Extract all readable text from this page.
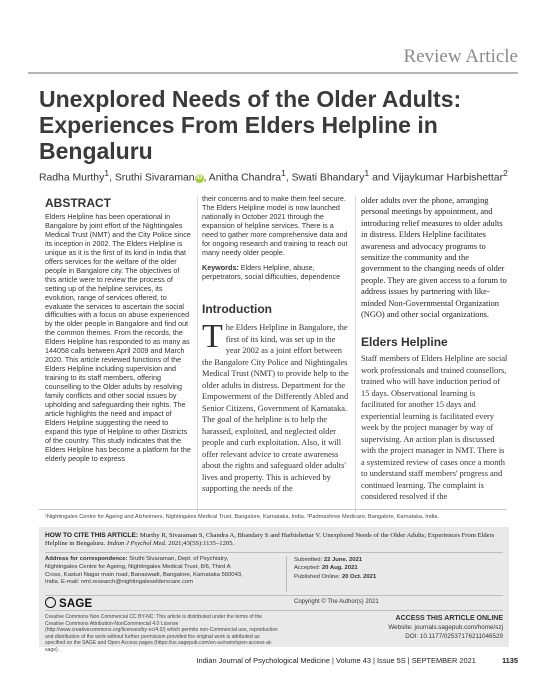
Review Article
Unexplored Needs of the Older Adults: Experiences From Elders Helpline in Bengaluru
Radha Murthy$^1$, Sruthi Sivaraman iD , Anitha Chandra$^1$, Swati Bhandary$^1$ and Vijaykumar Harbishettar$^2$
ABSTRACT
Elders Helpline has been operational in Bangalore by joint effort of the Nightingales Medical Trust (NMT) and the City Police since its inception in 2002. The Elders Helpline is unique as it is the first of its kind in India that offers services for the welfare of the older people in Bangalore city. The objectives of this article were to review the process of setting up of the helpline services, its evolution, range of services offered, to evaluate the services to ascertain the social difficulties with a focus on abuse experienced by the older people in Bangalore and find out the common themes. From the records, the Elders Helpline has responded to as many as 144058 calls between April 2009 and March 2020. This article reviewed functions of the Elders Helpline including supervision and training to its staff members, offering counselling to the Older adults by resolving family conflicts and other social issues by upholding and safeguarding their rights. The article highlights the need and impact of Elders Helpline suggesting the need to expand this type of Helpline to other Districts of the country. This study indicates that the Elders Helpline has become a platform for the elderly people to express
their concerns and to make them feel secure. The Elders Helpline model is now launched nationally in October 2021 through the expansion of helpline services. There is a need to gather more comprehensive data and for ongoing research and training to reach out many needy older people.
Keywords: Elders Helpline, abuse, perpetrators, social difficulties, dependence
Introduction
T he Elders Helpline in Bangalore, the first of its kind, was set up in the year 2002 as a joint effort between the Bangalore City Police and Nightingales Medical Trust (NMT) to provide help to the older adults in distress. Department for the Empowerment of the Differently Abled and Senior Citizens, Government of Karnataka. The goal of the helpline is to help the harassed, exploited, and neglected older people and curb exploitation. Also, it will offer relevant advice to create awareness about the rights and safeguard older adults' lives and property. This is achieved by supporting the needs of the
older adults over the phone, arranging personal meetings by appointment, and introducing relief measures to older adults in distress. Elders Helpline facilitates awareness and advocacy programs to sensitize the community and the government to the changing needs of older people. They are given access to a forum to address issues by partnering with like-minded Non-Governmental Organization (NGO) and other social organizations.
Elders Helpline
Staff members of Elders Helpline are social work professionals and trained counsellors, trained who will have induction period of 15 days. Observational learning is facilitated for another 15 days and experiential learning is facilitated every week by the project manager by way of supervising. An action plan is discussed with the project manager in NMT. There is a systemized review of cases once a month to understand staff members' progress and continued learning. The complaint is considered resolved if the
¹Nightingales Centre for Ageing and Alzheimers, Nightingales Medical Trust, Bangalore, Karnataka, India. ²Padmashree Medicare, Bangalore, Karnataka, India.
HOW TO CITE THIS ARTICLE: Murthy R, Sivaraman S, Chandra A, Bhandary S and Harbishettar V. Unexplored Needs of the Older Adults; Experiences From Elders Helpline in Bengaluru. Indian J Psychol Med. 2021;43(5S):1135–1205.
Address for correspondence: Sruthi Sivaraman, Dept. of Psychiatry, Nightingales Centre for Ageing, Nightingales Medical Trust, 8/6, Third A Cross, Kasturi Nagar main road, Banaswadi, Bangalore, Karnataka 560043, India. E-mail: nmt.research@nightingaleselderscare.com
Submitted: 22 June. 2021
Accepted: 20 Aug. 2021
Published Online: 20 Oct. 2021
SAGE	Copyright © The Author(s) 2021
Creative Commons Non Commercial CC BY-NC: This article is distributed under the terms of the Creative Commons Attribution-NonCommercial 4.0 License (http://www.creativecommons.org/licenses/by-nc/4.0/) which permits non-Commercial use, reproduction and distribution of the work without further permission provided the original work is attributed as specified on the SAGE and Open Access pages (https://us.sagepub.com/en-us/nam/open-access-at-sage).
ACCESS THIS ARTICLE ONLINE
Website: journals.sagepub.com/home/szj
DOI: 10.1177/02537176211046529
Indian Journal of Psychological Medicine | Volume 43 | Issue 5S | SEPTEMBER 2021	1135
